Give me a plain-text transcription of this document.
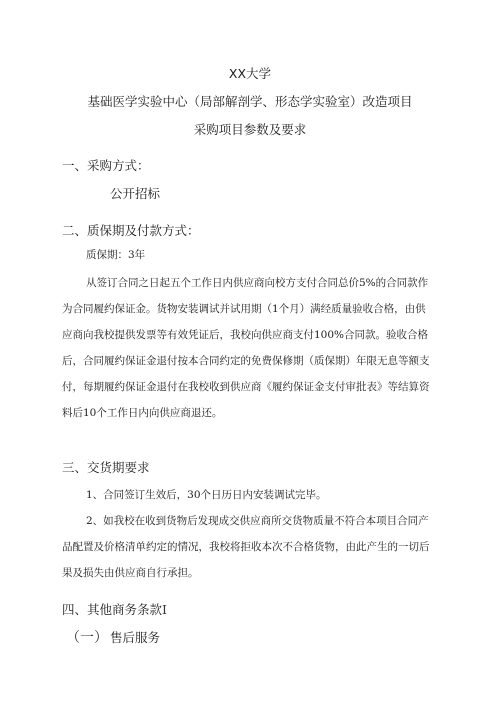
XX大学
基础医学实验中心（局部解剖学、形态学实验室）改造项目
采购项目参数及要求
一、采购方式：
公开招标
二、质保期及付款方式：
质保期：3年
从签订合同之日起五个工作日内供应商向校方支付合同总价5%的合同款作
为合同履约保证金。货物安装调试并试用期（1个月）满经质量验收合格，由供
应商向我校提供发票等有效凭证后，我校向供应商支付100%合同款。验收合格
后，合同履约保证金退付按本合同约定的免费保修期（质保期）年限无息等额支
付，每期履约保证金退付在我校收到供应商《履约保证金支付审批表》等结算资
料后10个工作日内向供应商退还。
三、交货期要求
1、合同签订生效后，30个日历日内安装调试完毕。
2、如我校在收到货物后发现成交供应商所交货物质量不符合本项目合同产
品配置及价格清单约定的情况，我校将拒收本次不合格货物，由此产生的一切后
果及损失由供应商自行承担。
四、其他商务条款I
（一） 售后服务
